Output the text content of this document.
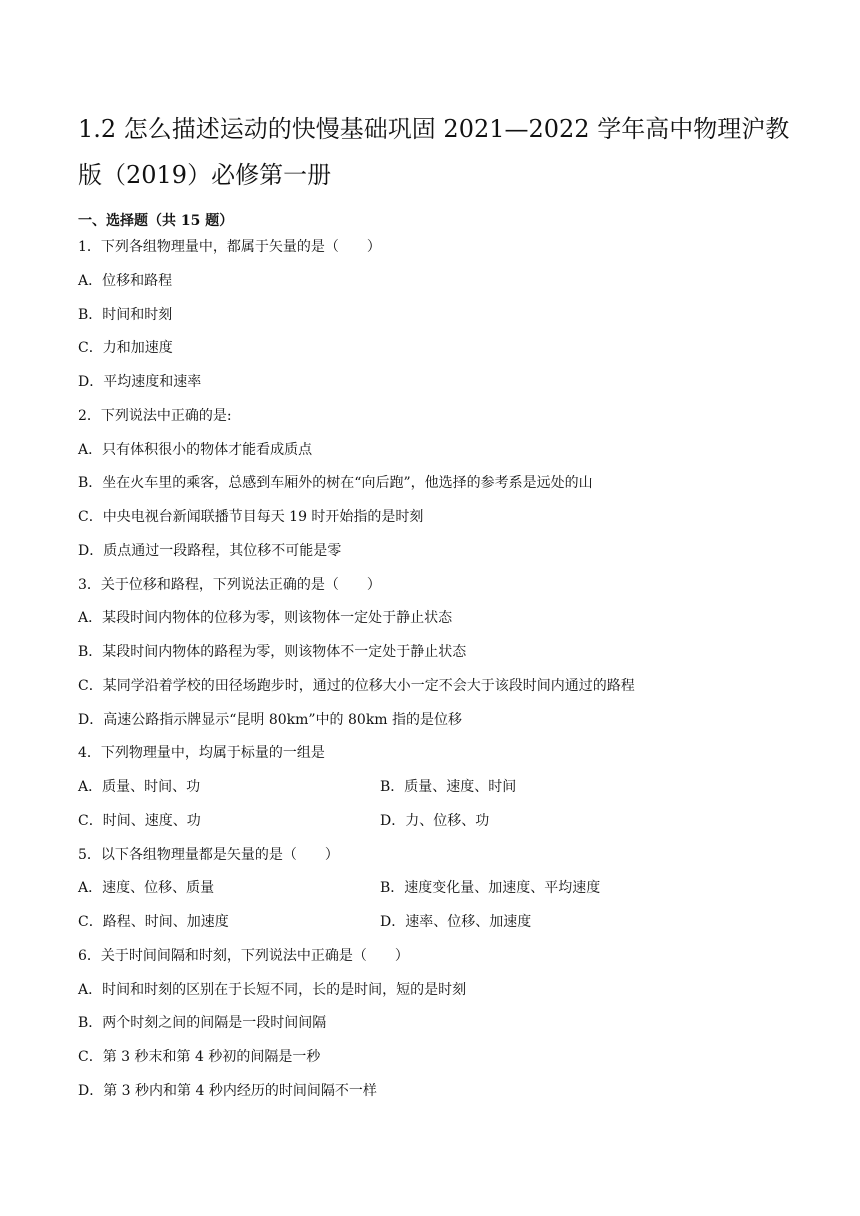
1.2 怎么描述运动的快慢基础巩固 2021—2022 学年高中物理沪教版（2019）必修第一册
一、选择题（共 15 题）
1．下列各组物理量中，都属于矢量的是（　　）
A．位移和路程
B．时间和时刻
C．力和加速度
D．平均速度和速率
2．下列说法中正确的是:
A．只有体积很小的物体才能看成质点
B．坐在火车里的乘客，总感到车厢外的树在“向后跑”，他选择的参考系是远处的山
C．中央电视台新闻联播节目每天 19 时开始指的是时刻
D．质点通过一段路程，其位移不可能是零
3．关于位移和路程，下列说法正确的是（　　）
A．某段时间内物体的位移为零，则该物体一定处于静止状态
B．某段时间内物体的路程为零，则该物体不一定处于静止状态
C．某同学沿着学校的田径场跑步时，通过的位移大小一定不会大于该段时间内通过的路程
D．高速公路指示牌显示“昆明 80km”中的 80km 指的是位移
4．下列物理量中，均属于标量的一组是
A．质量、时间、功	B．质量、速度、时间
C．时间、速度、功	D．力、位移、功
5．以下各组物理量都是矢量的是（　　）
A．速度、位移、质量	B．速度变化量、加速度、平均速度
C．路程、时间、加速度	D．速率、位移、加速度
6．关于时间间隔和时刻，下列说法中正确是（　　）
A．时间和时刻的区别在于长短不同，长的是时间，短的是时刻
B．两个时刻之间的间隔是一段时间间隔
C．第 3 秒末和第 4 秒初的间隔是一秒
D．第 3 秒内和第 4 秒内经历的时间间隔不一样
